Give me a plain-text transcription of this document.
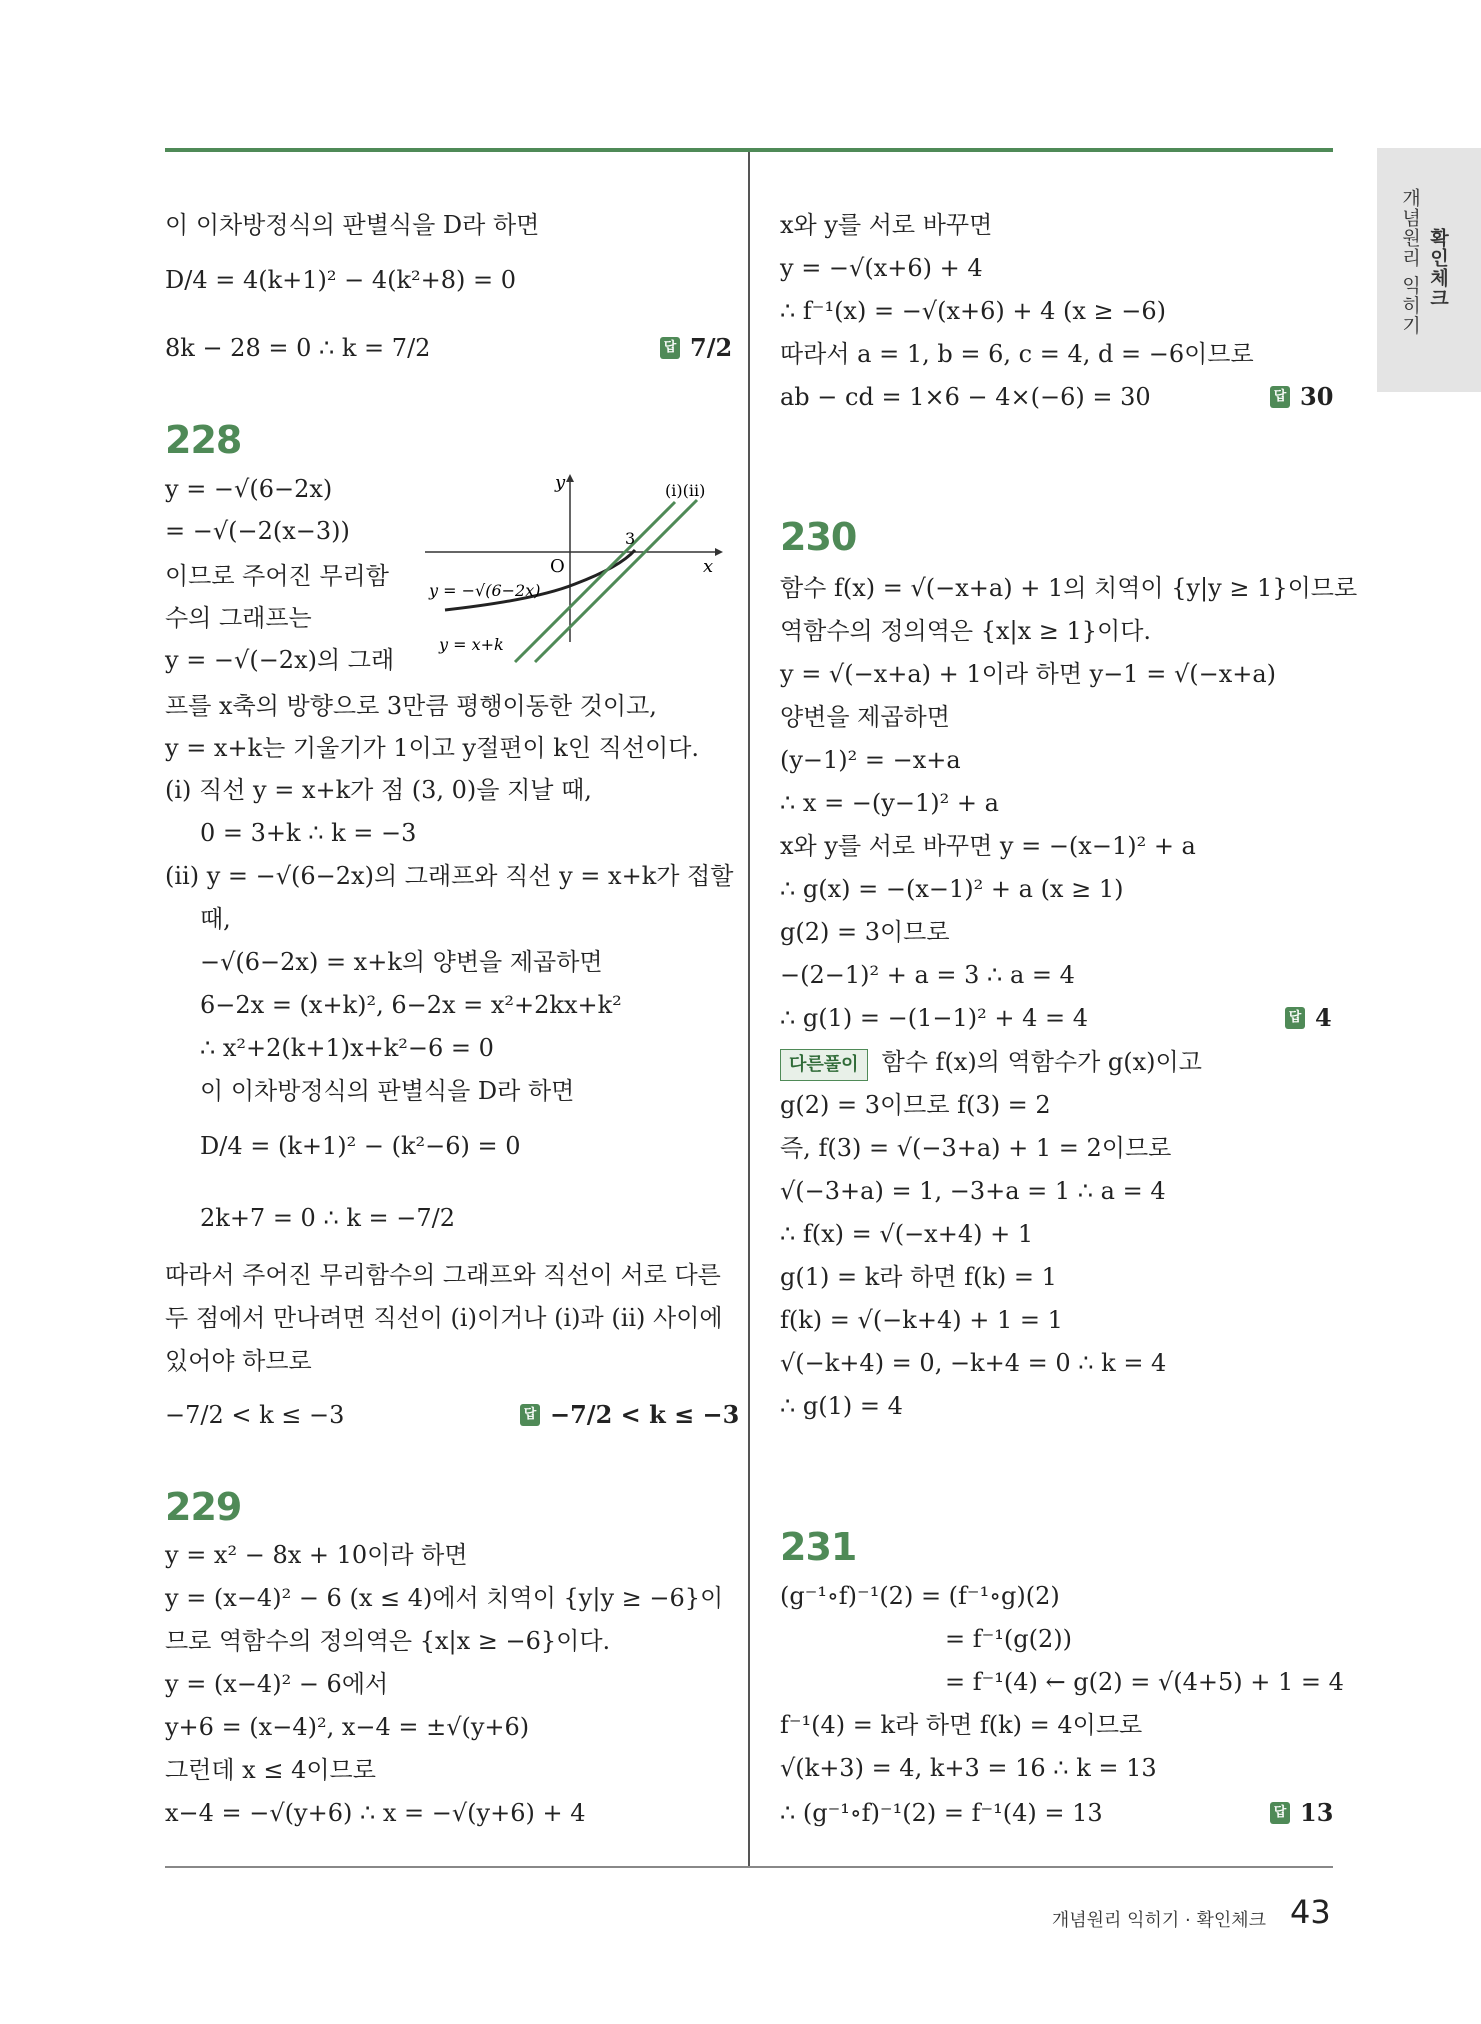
개념원리 익히기 확인체크
이 이차방정식의 판별식을 D라 하면
D/4 = 4(k+1)² − 4(k²+8) = 0
8k − 28 = 0 ∴ k = 7/2	답 7/2
228
y = −√(6−2x)
= −√(−2(x−3))
이므로 주어진 무리함
수의 그래프는
y = −√(−2x)의 그래
프를 x축의 방향으로 3만큼 평행이동한 것이고,
y = x+k는 기울기가 1이고 y절편이 k인 직선이다.
(ⅰ) 직선 y = x+k가 점 (3, 0)을 지날 때,
0 = 3+k ∴ k = −3
(ⅱ) y = −√(6−2x)의 그래프와 직선 y = x+k가 접할
때,
−√(6−2x) = x+k의 양변을 제곱하면
6−2x = (x+k)², 6−2x = x²+2kx+k²
∴ x²+2(k+1)x+k²−6 = 0
이 이차방정식의 판별식을 D라 하면
D/4 = (k+1)² − (k²−6) = 0
2k+7 = 0 ∴ k = −7/2
따라서 주어진 무리함수의 그래프와 직선이 서로 다른
두 점에서 만나려면 직선이 (ⅰ)이거나 (ⅰ)과 (ⅱ) 사이에
있어야 하므로
−7/2 < k ≤ −3	답 −7/2 < k ≤ −3
y
x
O
3
(ⅰ)(ⅱ)
y = −√(6−2x)
y = x+k
229
y = x² − 8x + 10이라 하면
y = (x−4)² − 6 (x ≤ 4)에서 치역이 {y|y ≥ −6}이
므로 역함수의 정의역은 {x|x ≥ −6}이다.
y = (x−4)² − 6에서
y+6 = (x−4)², x−4 = ±√(y+6)
그런데 x ≤ 4이므로
x−4 = −√(y+6) ∴ x = −√(y+6) + 4
x와 y를 서로 바꾸면
y = −√(x+6) + 4
∴ f⁻¹(x) = −√(x+6) + 4 (x ≥ −6)
따라서 a = 1, b = 6, c = 4, d = −6이므로
ab − cd = 1×6 − 4×(−6) = 30	답 30
230
함수 f(x) = √(−x+a) + 1의 치역이 {y|y ≥ 1}이므로
역함수의 정의역은 {x|x ≥ 1}이다.
y = √(−x+a) + 1이라 하면 y−1 = √(−x+a)
양변을 제곱하면
(y−1)² = −x+a
∴ x = −(y−1)² + a
x와 y를 서로 바꾸면 y = −(x−1)² + a
∴ g(x) = −(x−1)² + a (x ≥ 1)
g(2) = 3이므로
−(2−1)² + a = 3 ∴ a = 4
∴ g(1) = −(1−1)² + 4 = 4	답 4
다른풀이 함수 f(x)의 역함수가 g(x)이고
g(2) = 3이므로 f(3) = 2
즉, f(3) = √(−3+a) + 1 = 2이므로
√(−3+a) = 1, −3+a = 1 ∴ a = 4
∴ f(x) = √(−x+4) + 1
g(1) = k라 하면 f(k) = 1
f(k) = √(−k+4) + 1 = 1
√(−k+4) = 0, −k+4 = 0 ∴ k = 4
∴ g(1) = 4
231
(g⁻¹∘f)⁻¹(2) = (f⁻¹∘g)(2)
= f⁻¹(g(2))
= f⁻¹(4) ← g(2) = √(4+5) + 1 = 4
f⁻¹(4) = k라 하면 f(k) = 4이므로
√(k+3) = 4, k+3 = 16 ∴ k = 13
∴ (g⁻¹∘f)⁻¹(2) = f⁻¹(4) = 13	답 13
개념원리 익히기 · 확인체크 43
